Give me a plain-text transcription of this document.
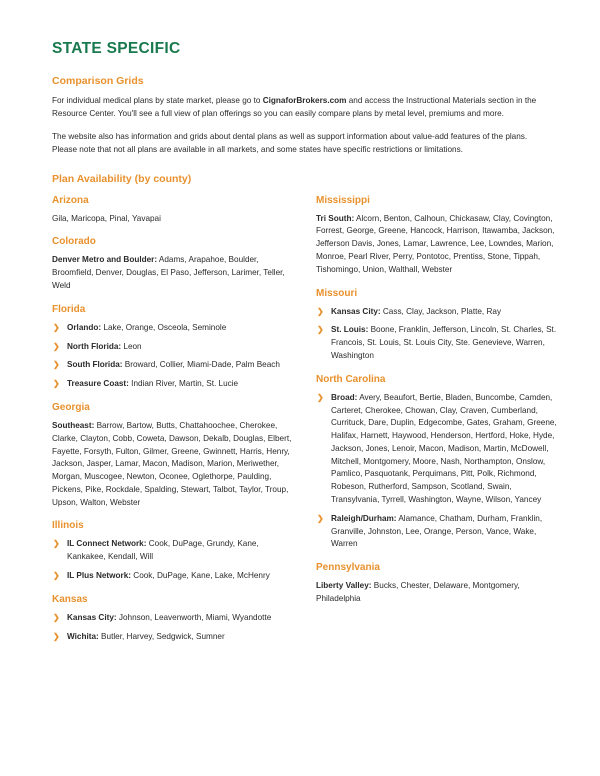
STATE SPECIFIC
Comparison Grids

For individual medical plans by state market, please go to CignaforBrokers.com and access the Instructional Materials section in the Resource Center. You'll see a full view of plan offerings so you can easily compare plans by metal level, premiums and more.

The website also has information and grids about dental plans as well as support information about value-add features of the plans. Please note that not all plans are available in all markets, and some states have specific restrictions or limitations.

Plan Availability (by county)
Arizona

Gila, Maricopa, Pinal, Yavapai

Colorado

Denver Metro and Boulder: Adams, Arapahoe, Boulder, Broomfield, Denver, Douglas, El Paso, Jefferson, Larimer, Teller, Weld

Florida
❯ Orlando: Lake, Orange, Osceola, Seminole
❯ North Florida: Leon
❯ South Florida: Broward, Collier, Miami-Dade, Palm Beach
❯ Treasure Coast: Indian River, Martin, St. Lucie
Georgia

Southeast: Barrow, Bartow, Butts, Chattahoochee, Cherokee, Clarke, Clayton, Cobb, Coweta, Dawson, Dekalb, Douglas, Elbert, Fayette, Forsyth, Fulton, Gilmer, Greene, Gwinnett, Harris, Henry, Jackson, Jasper, Lamar, Macon, Madison, Marion, Meriwether, Morgan, Muscogee, Newton, Oconee, Oglethorpe, Paulding, Pickens, Pike, Rockdale, Spalding, Stewart, Talbot, Taylor, Troup, Upson, Walton, Webster

Illinois
❯ IL Connect Network: Cook, DuPage, Grundy, Kane, Kankakee, Kendall, Will
❯ IL Plus Network: Cook, DuPage, Kane, Lake, McHenry
Kansas
❯ Kansas City: Johnson, Leavenworth, Miami, Wyandotte
❯ Wichita: Butler, Harvey, Sedgwick, Sumner
Mississippi

Tri South: Alcorn, Benton, Calhoun, Chickasaw, Clay, Covington, Forrest, George, Greene, Hancock, Harrison, Itawamba, Jackson, Jefferson Davis, Jones, Lamar, Lawrence, Lee, Lowndes, Marion, Monroe, Pearl River, Perry, Pontotoc, Prentiss, Stone, Tippah, Tishomingo, Union, Walthall, Webster

Missouri
❯ Kansas City: Cass, Clay, Jackson, Platte, Ray
❯ St. Louis: Boone, Franklin, Jefferson, Lincoln, St. Charles, St. Francois, St. Louis, St. Louis City, Ste. Genevieve, Warren, Washington
North Carolina
❯ Broad: Avery, Beaufort, Bertie, Bladen, Buncombe, Camden, Carteret, Cherokee, Chowan, Clay, Craven, Cumberland, Currituck, Dare, Duplin, Edgecombe, Gates, Graham, Greene, Halifax, Harnett, Haywood, Henderson, Hertford, Hoke, Hyde, Jackson, Jones, Lenoir, Macon, Madison, Martin, McDowell, Mitchell, Montgomery, Moore, Nash, Northampton, Onslow, Pamlico, Pasquotank, Perquimans, Pitt, Polk, Richmond, Robeson, Rutherford, Sampson, Scotland, Swain, Transylvania, Tyrrell, Washington, Wayne, Wilson, Yancey
❯ Raleigh/Durham: Alamance, Chatham, Durham, Franklin, Granville, Johnston, Lee, Orange, Person, Vance, Wake, Warren
Pennsylvania

Liberty Valley: Bucks, Chester, Delaware, Montgomery, Philadelphia
